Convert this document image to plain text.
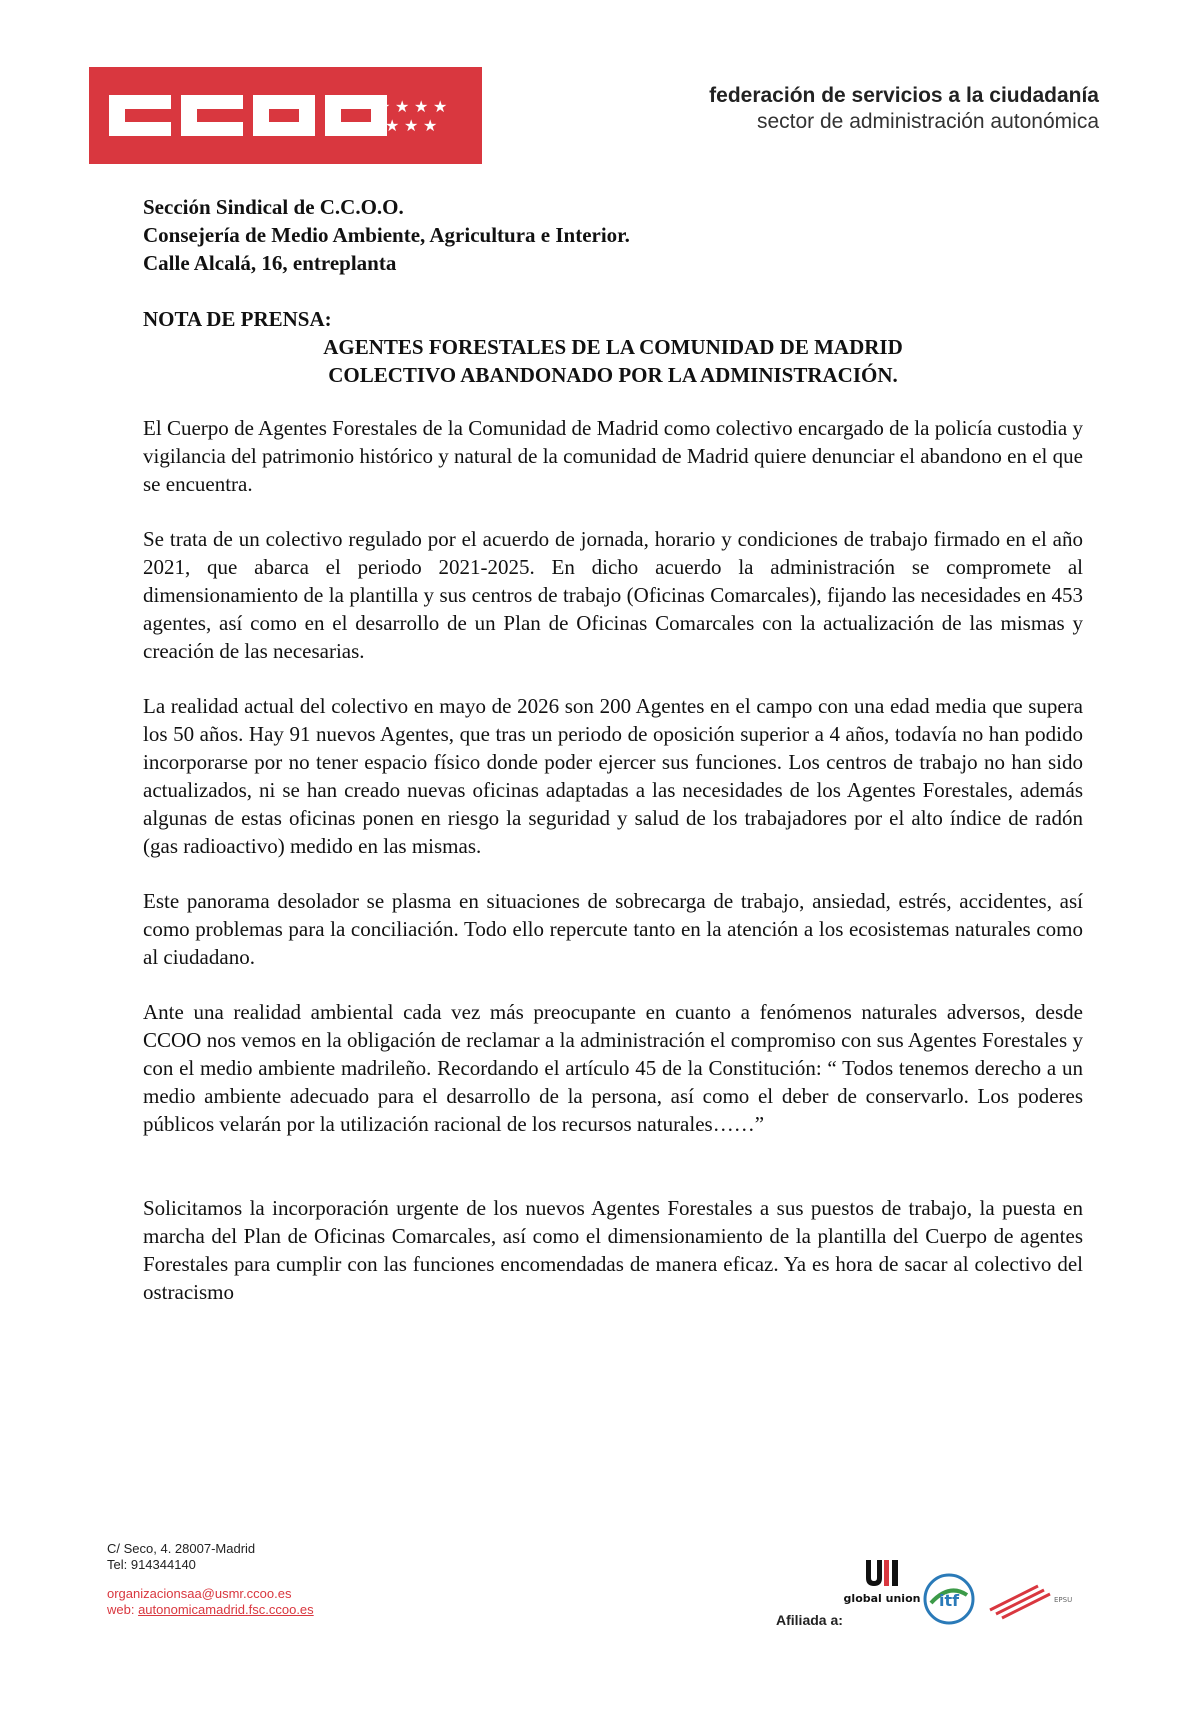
★ ★ ★ ★
★ ★ ★
federación de servicios a la ciudadanía
sector de administración autonómica
Sección Sindical de C.C.O.O.
Consejería de Medio Ambiente, Agricultura e Interior.
Calle Alcalá, 16, entreplanta
NOTA DE PRENSA:
AGENTES FORESTALES DE LA COMUNIDAD DE MADRID
COLECTIVO ABANDONADO POR LA ADMINISTRACIÓN.

El Cuerpo de Agentes Forestales de la Comunidad de Madrid como colectivo encargado de la policía custodia y vigilancia del patrimonio histórico y natural de la comunidad de Madrid quiere denunciar el abandono en el que se encuentra.

Se trata de un colectivo regulado por el acuerdo de jornada, horario y condiciones de trabajo firmado en el año 2021, que abarca el periodo 2021-2025. En dicho acuerdo la administración se compromete al dimensionamiento de la plantilla y sus centros de trabajo (Oficinas Comarcales), fijando las necesidades en 453 agentes, así como en el desarrollo de un Plan de Oficinas Comarcales con la actualización de las mismas y creación de las necesarias.

La realidad actual del colectivo en mayo de 2026 son 200 Agentes en el campo con una edad media que supera los 50 años. Hay 91 nuevos Agentes, que tras un periodo de oposición superior a 4 años, todavía no han podido incorporarse por no tener espacio físico donde poder ejercer sus funciones. Los centros de trabajo no han sido actualizados, ni se han creado nuevas oficinas adaptadas a las necesidades de los Agentes Forestales, además algunas de estas oficinas ponen en riesgo la seguridad y salud de los trabajadores por el alto índice de radón (gas radioactivo) medido en las mismas.

Este panorama desolador se plasma en situaciones de sobrecarga de trabajo, ansiedad, estrés, accidentes, así como problemas para la conciliación. Todo ello repercute tanto en la atención a los ecosistemas naturales como al ciudadano.

Ante una realidad ambiental cada vez más preocupante en cuanto a fenómenos naturales adversos, desde CCOO nos vemos en la obligación de reclamar a la administración el compromiso con sus Agentes Forestales y con el medio ambiente madrileño. Recordando el artículo 45 de la Constitución: “ Todos tenemos derecho a un medio ambiente adecuado para el desarrollo de la persona, así como el deber de conservarlo. Los poderes públicos velarán por la utilización racional de los recursos naturales……”

Solicitamos la incorporación urgente de los nuevos Agentes Forestales a sus puestos de trabajo, la puesta en marcha del Plan de Oficinas Comarcales, así como el dimensionamiento de la plantilla del Cuerpo de agentes Forestales para cumplir con las funciones encomendadas de manera eficaz. Ya es hora de sacar al colectivo del ostracismo

C/ Seco, 4. 28007-Madrid
Tel: 914344140
organizacionsaa@usmr.ccoo.es
web: autonomicamadrid.fsc.ccoo.es
Afiliada a:
global union itf	EPSU
